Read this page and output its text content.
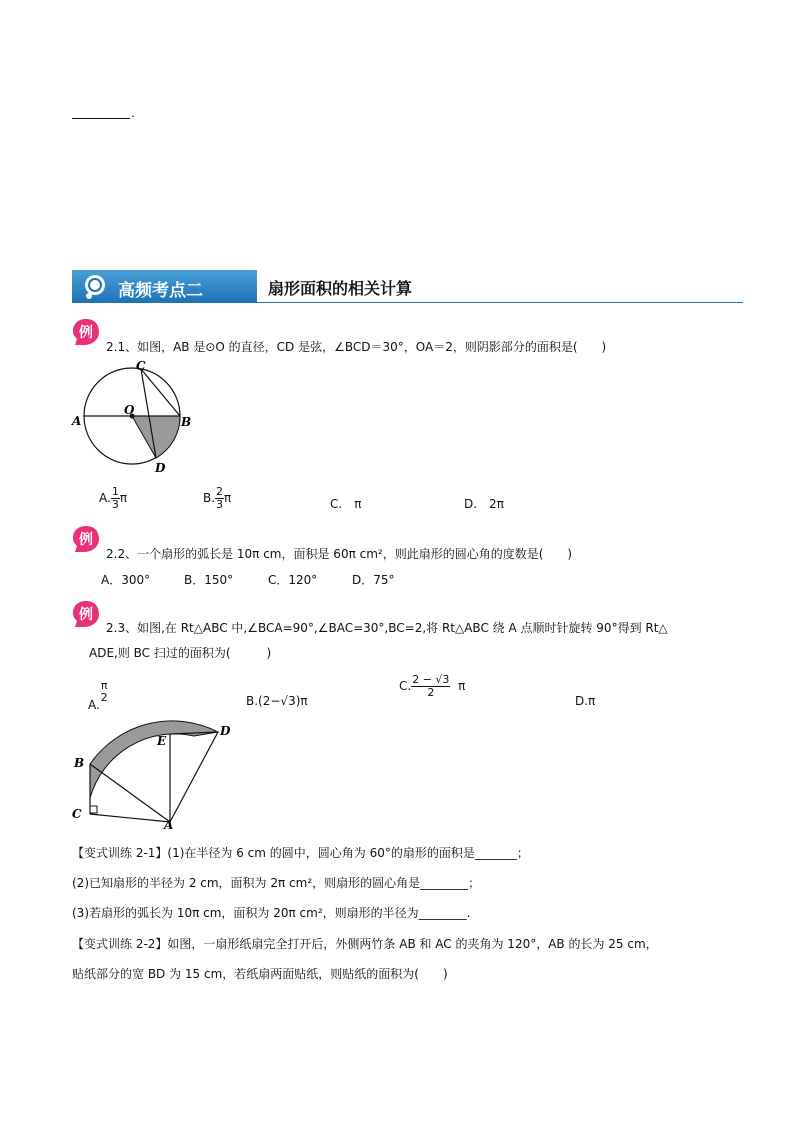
.
高频考点二	扇形面积的相关计算
例
2.1、如图，AB 是⊙O 的直径，CD 是弦，∠BCD＝30°，OA＝2，则阴影部分的面积是(　　)
C
A
O
B
D
A. $\frac{1}{3}$ π	B. $\frac{2}{3}$ π	C.　π	D.　2π
例
2.2、一个扇形的弧长是 10π cm，面积是 60π cm²，则此扇形的圆心角的度数是(　　)
A．300°	B．150°	C．120°	D．75°
例
2.3、如图,在 Rt△ABC 中,∠BCA=90°,∠BAC=30°,BC=2,将 Rt△ABC 绕 A 点顺时针旋转 90°得到 Rt△
ADE,则 BC 扫过的面积为(　　　)
A.
π
2	B.(2−√3)π
C. $\frac{2 - √3}{2}$ π
D.π
E
D
B
C
A
【变式训练 2-1】(1)在半径为 6 cm 的圆中，圆心角为 60°的扇形的面积是_______；
(2)已知扇形的半径为 2 cm，面积为 2π cm²，则扇形的圆心角是________；
(3)若扇形的弧长为 10π cm，面积为 20π cm²，则扇形的半径为________.
【变式训练 2-2】如图，一扇形纸扇完全打开后，外侧两竹条 AB 和 AC 的夹角为 120°，AB 的长为 25 cm，
贴纸部分的宽 BD 为 15 cm，若纸扇两面贴纸，则贴纸的面积为(　　)
